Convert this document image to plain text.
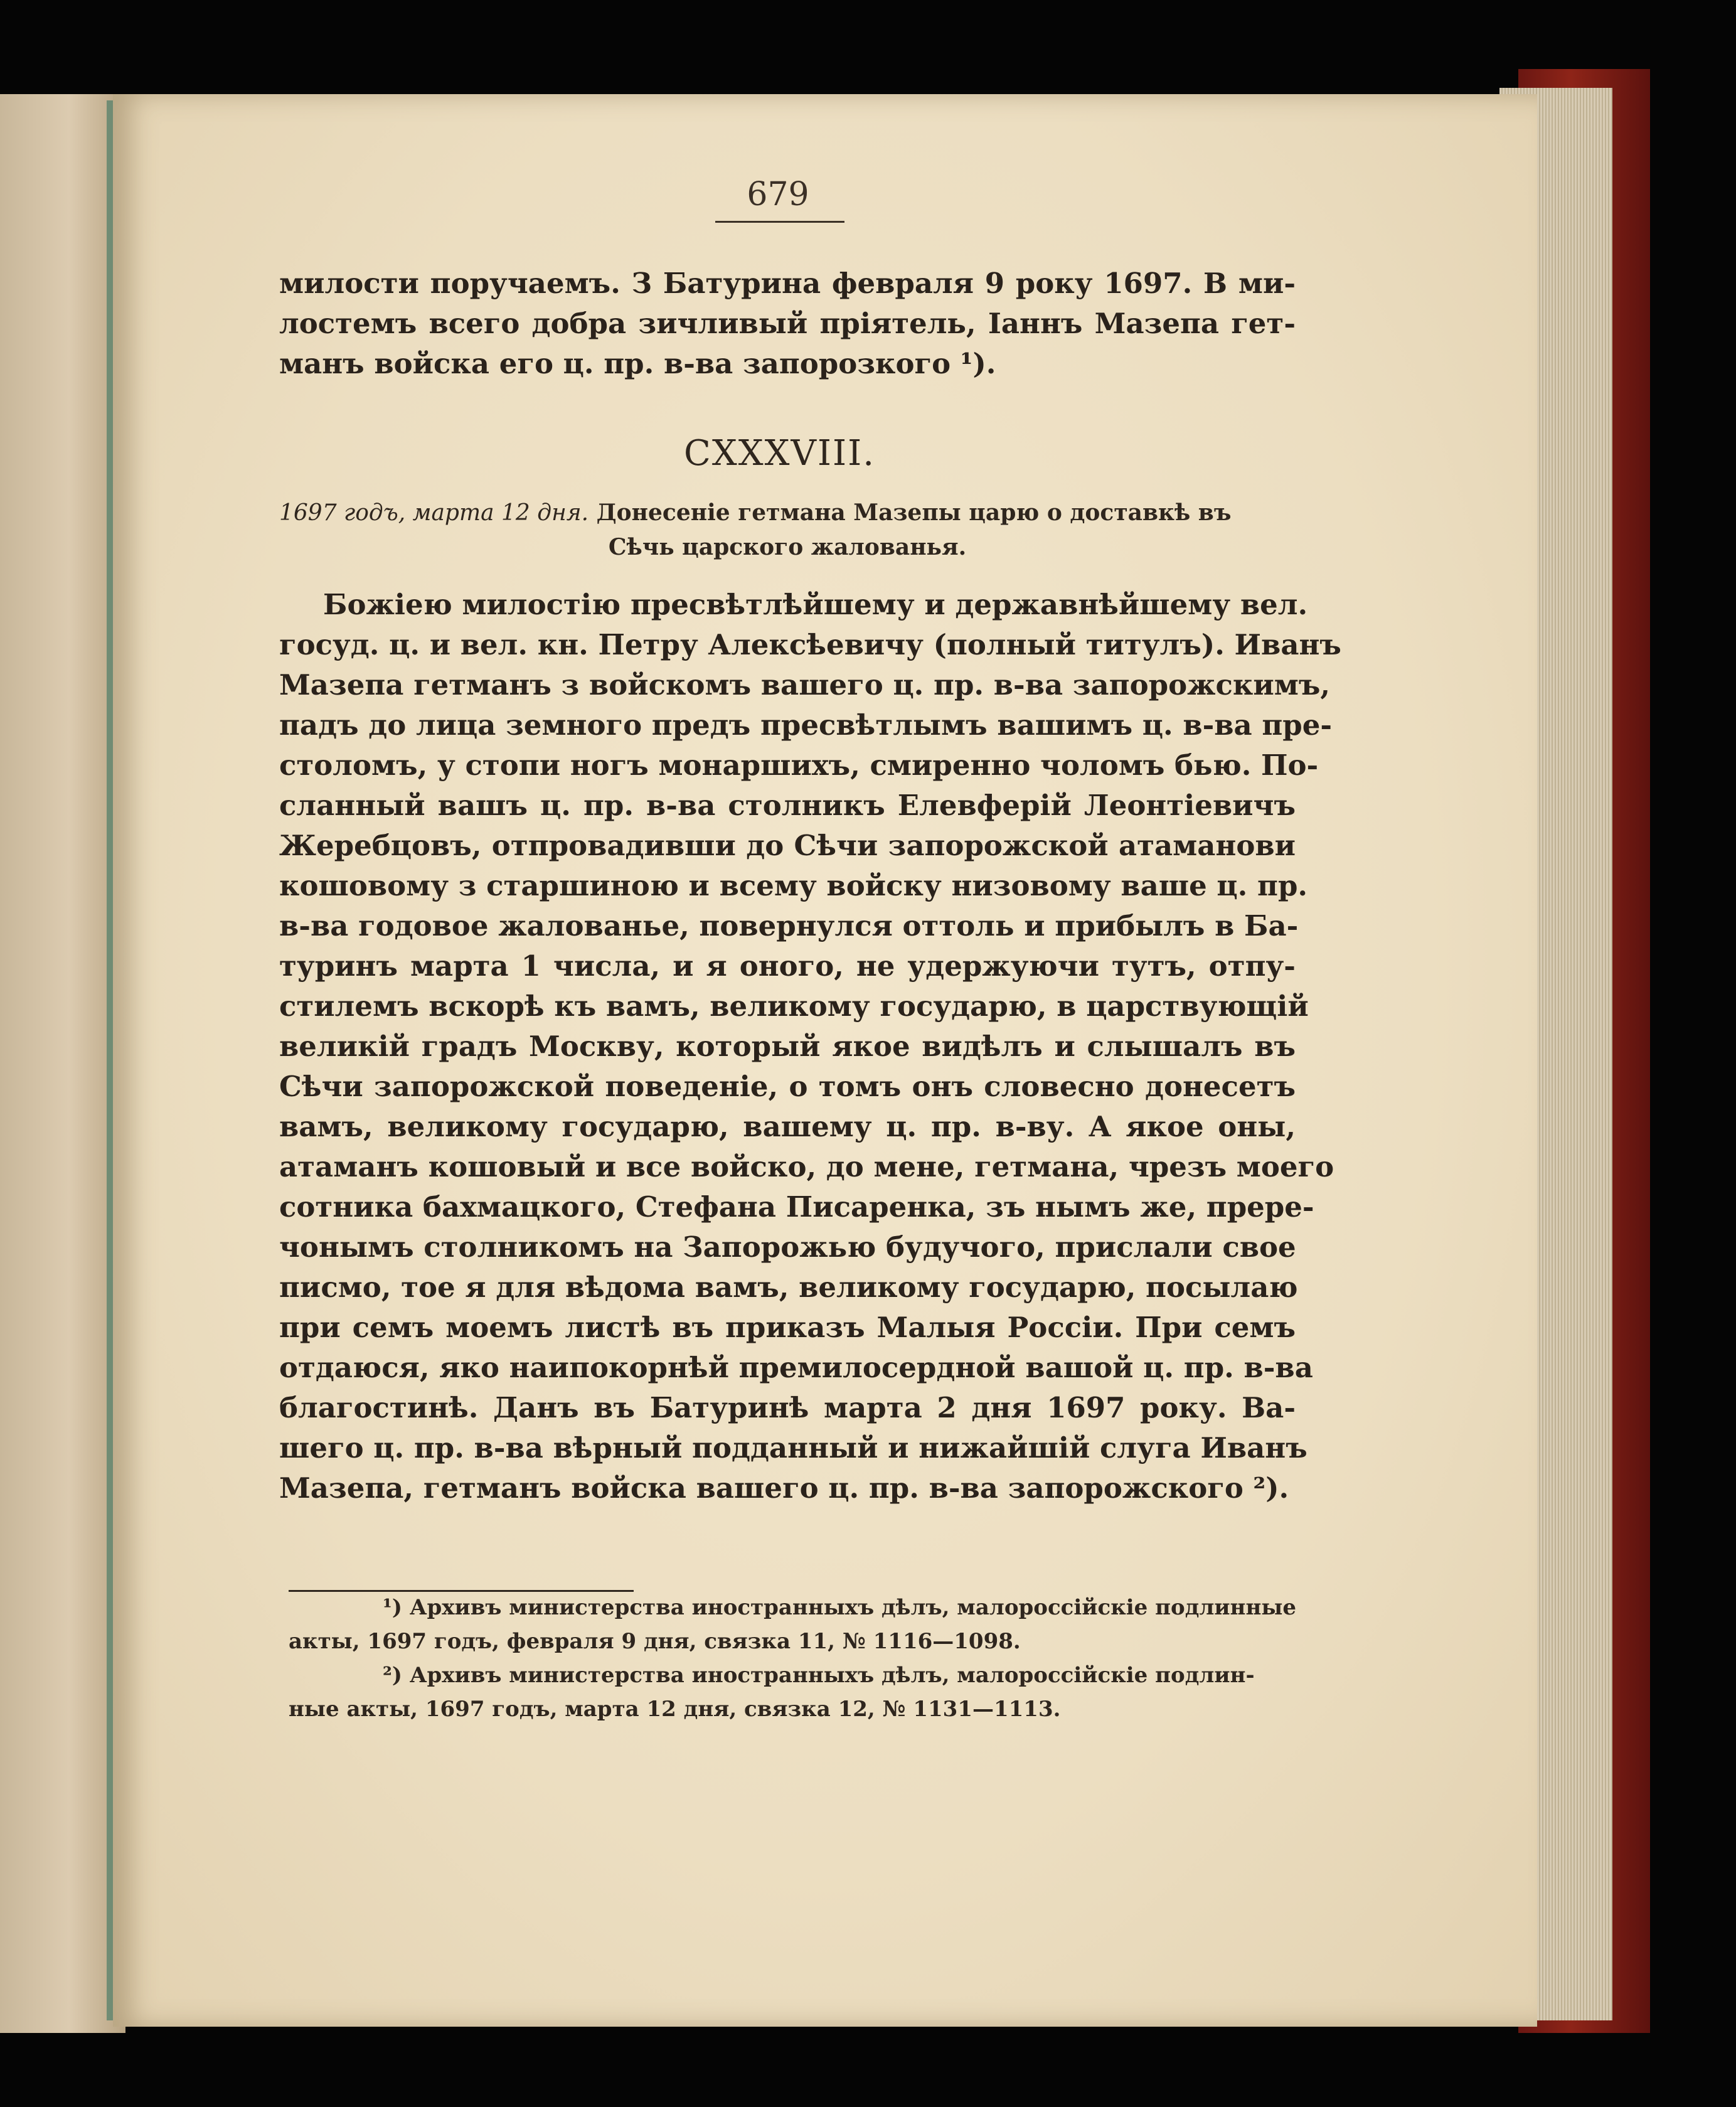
679
милости поручаемъ. З Батурина февраля 9 року 1697. В ми-
лостемъ всего добра зичливый пріятель, Іаннъ Мазепа гет-
манъ войска его ц. пр. в-ва запорозкого ¹).
CXXXVIII.
1697 годъ, марта 12 дня. Донесеніе гетмана Мазепы царю о доставкѣ въ
Сѣчь царского жалованья.
Божіею милостію пресвѣтлѣйшему и державнѣйшему вел.
госуд. ц. и вел. кн. Петру Алексѣевичу (полный титулъ). Иванъ
Мазепа гетманъ з войскомъ вашего ц. пр. в-ва запорожскимъ,
падъ до лица земного предъ пресвѣтлымъ вашимъ ц. в-ва пре-
столомъ, у стопи ногъ монаршихъ, смиренно чоломъ бью. По-
сланный вашъ ц. пр. в-ва столникъ Елевферій Леонтіевичъ
Жеребцовъ, отпровадивши до Сѣчи запорожской атаманови
кошовому з старшиною и всему войску низовому ваше ц. пр.
в-ва годовое жалованье, повернулся оттоль и прибылъ в Ба-
туринъ марта 1 числа, и я оного, не удержуючи тутъ, отпу-
стилемъ вскорѣ къ вамъ, великому государю, в царствующій
великій градъ Москву, который якое видѣлъ и слышалъ въ
Сѣчи запорожской поведеніе, о томъ онъ словесно донесетъ
вамъ, великому государю, вашему ц. пр. в-ву. А якое оны,
атаманъ кошовый и все войско, до мене, гетмана, чрезъ моего
сотника бахмацкого, Стефана Писаренка, зъ нымъ же, прере-
чонымъ столникомъ на Запорожью будучого, прислали свое
писмо, тое я для вѣдома вамъ, великому государю, посылаю
при семъ моемъ листѣ въ приказъ Малыя Россіи. При семъ
отдаюся, яко наипокорнѣй премилосердной вашой ц. пр. в-ва
благостинѣ. Данъ въ Батуринѣ марта 2 дня 1697 року. Ва-
шего ц. пр. в-ва вѣрный подданный и нижайшій слуга Иванъ
Мазепа, гетманъ войска вашего ц. пр. в-ва запорожского ²).
¹) Архивъ министерства иностранныхъ дѣлъ, малороссійскіе подлинные
акты, 1697 годъ, февраля 9 дня, связка 11, № 1116—1098.
²) Архивъ министерства иностранныхъ дѣлъ, малороссійскіе подлин-
ные акты, 1697 годъ, марта 12 дня, связка 12, № 1131—1113.
